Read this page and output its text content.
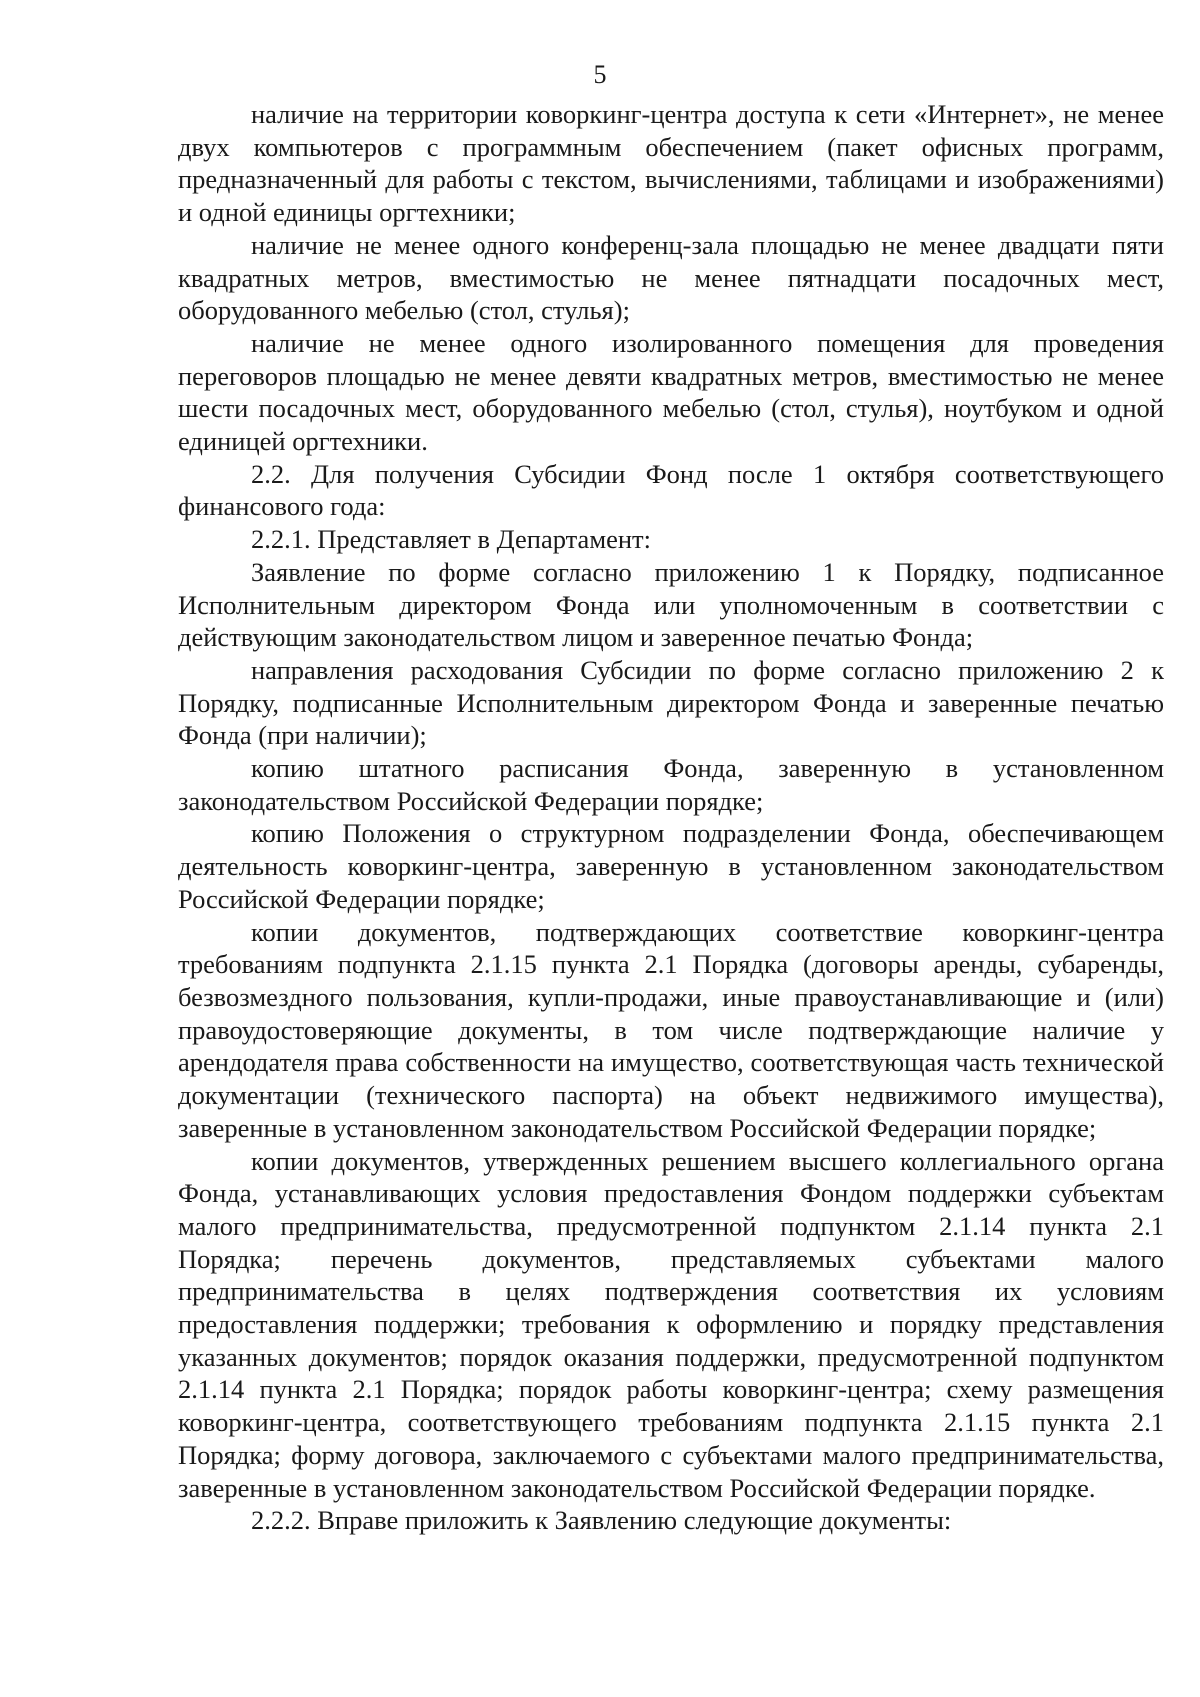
5

наличие на территории коворкинг-центра доступа к сети «Интернет», не менее двух компьютеров с программным обеспечением (пакет офисных программ, предназначенный для работы с текстом, вычислениями, таблицами и изображениями) и одной единицы оргтехники;

наличие не менее одного конференц-зала площадью не менее двадцати пяти квадратных метров, вместимостью не менее пятнадцати посадочных мест, оборудованного мебелью (стол, стулья);

наличие не менее одного изолированного помещения для проведения переговоров площадью не менее девяти квадратных метров, вместимостью не менее шести посадочных мест, оборудованного мебелью (стол, стулья), ноутбуком и одной единицей оргтехники.

2.2. Для получения Субсидии Фонд после 1 октября соответствующего финансового года:

2.2.1. Представляет в Департамент:

Заявление по форме согласно приложению 1 к Порядку, подписанное Исполнительным директором Фонда или уполномоченным в соответствии с действующим законодательством лицом и заверенное печатью Фонда;

направления расходования Субсидии по форме согласно приложению 2 к Порядку, подписанные Исполнительным директором Фонда и заверенные печатью Фонда (при наличии);

копию штатного расписания Фонда, заверенную в установленном законодательством Российской Федерации порядке;

копию Положения о структурном подразделении Фонда, обеспечивающем деятельность коворкинг-центра, заверенную в установленном законодательством Российской Федерации порядке;

копии документов, подтверждающих соответствие коворкинг-центра требованиям подпункта 2.1.15 пункта 2.1 Порядка (договоры аренды, субаренды, безвозмездного пользования, купли-продажи, иные правоустанавливающие и (или) правоудостоверяющие документы, в том числе подтверждающие наличие у арендодателя права собственности на имущество, соответствующая часть технической документации (технического паспорта) на объект недвижимого имущества), заверенные в установленном законодательством Российской Федерации порядке;

копии документов, утвержденных решением высшего коллегиального органа Фонда, устанавливающих условия предоставления Фондом поддержки субъектам малого предпринимательства, предусмотренной подпунктом 2.1.14 пункта 2.1 Порядка; перечень документов, представляемых субъектами малого предпринимательства в целях подтверждения соответствия их условиям предоставления поддержки; требования к оформлению и порядку представления указанных документов; порядок оказания поддержки, предусмотренной подпунктом 2.1.14 пункта 2.1 Порядка; порядок работы коворкинг-центра; схему размещения коворкинг-центра, соответствующего требованиям подпункта 2.1.15 пункта 2.1 Порядка; форму договора, заключаемого с субъектами малого предпринимательства, заверенные в установленном законодательством Российской Федерации порядке.

2.2.2. Вправе приложить к Заявлению следующие документы:
